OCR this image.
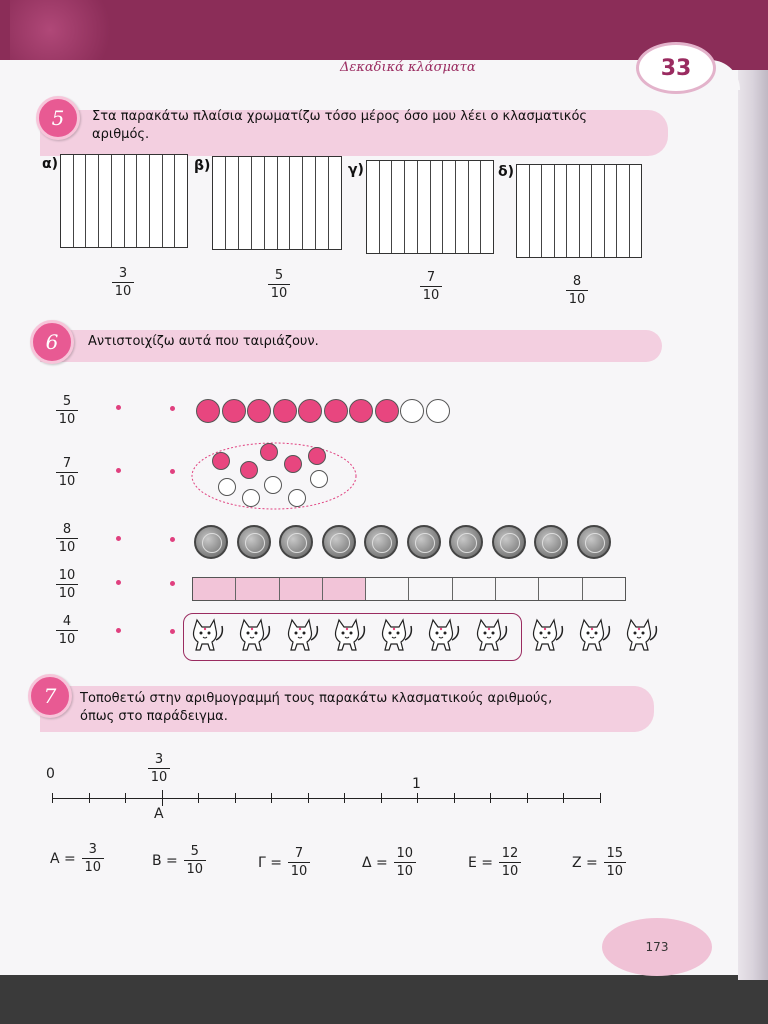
Δεκαδικά κλάσματα	33
5	Στα παρακάτω πλαίσια χρωματίζω τόσο μέρος όσο μου λέει ο κλασματικός
αριθμός.
α)	β)	γ)	δ)
3
10
5
10
7
10
8
10
6	Αντιστοιχίζω αυτά που ταιριάζουν.
5
10
7
10
8
10
10
10
4
10
7	Τοποθετώ στην αριθμογραμμή τους παρακάτω κλασματικούς αριθμούς,
όπως στο παράδειγμα.
0
1
3
10
A
$A = \frac{3}{10}$	$B = \frac{5}{10}$	$\Gamma = \frac{7}{10}$	$\Delta = \frac{10}{10}$	$E = \frac{12}{10}$	$Z = \frac{15}{10}$
173
